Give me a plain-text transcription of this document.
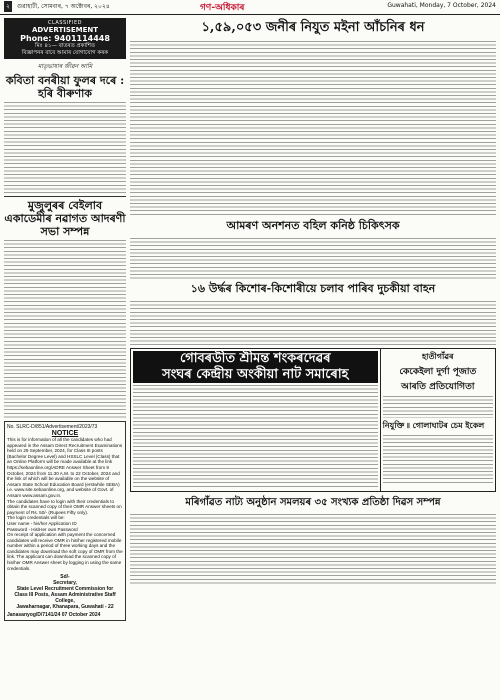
২ গুৱাহাটী, সোমবাৰ, ৭ অক্টোবৰ, ২০২৪	গণ-অধিকাৰ	Guwahati, Monday, 7 October, 2024
CLASSIFIED
ADVERTISEMENT
Phone: 9401114448
মিঃ ৪১— বাতৰত প্ৰকাশিত
বিজ্ঞাপনৰ বাবে আমাৰ যোগাযোগ কৰক
মাতৃভাষাৰ জীৱন আমি
কবিতা বনৰীয়া ফুলৰ দৰে : হৰি বীৰুণাক
মুজুলুৰৰ বেইলাব একাডেমীৰ নৱাগত আদৰণী সভা সম্পন্ন
No. SLRC-D/851/Advertisement/2023/73
NOTICE
This is for information of all the candidates who had appeared in the Assam Direct Recruitment Examinations held on 29 September, 2024, for Class III posts (Bachelor Degree Level) and HSSLC Level (Class) that an Online Platform will be made available at the link https://sebaonline.org/ADRE Answer Sheet from 9 October, 2024 from 11.30 A.M. to 22 October, 2024 and the link of which will be available on the website of Assam State School Education Board (erstwhile SEBA) i.e. www.site.sebaonline.org, and website of Govt. of Assam www.assam.gov.in.
The candidates have to login with their credentials to obtain the scanned copy of their OMR Answer sheets on payment of Rs. 50/- (Rupees Fifty only).
The login credentials will be:
User name - his/her Application ID
Password - His/Her own Password
On receipt of application with payment the concerned candidates will receive OMR in his/her registered mobile number within a period of three working days and the candidates may download the soft copy of OMR from the link. The applicant can download the scanned copy of his/her OMR Answer sheet by logging in using the same credentials.
Sd/-
Secretary,
State Level Recruitment Commission for
Class III Posts, Assam Administrative Staff College,
Jawaharnagar, Khanapara, Guwahati - 22
Janasanyog/D/7141/24 07 October 2024
১,৫৯,০৫৩ জনীৰ নিযুত মইনা আঁচনিৰ ধন
আমৰণ অনশনত বহিল কনিষ্ঠ চিকিৎসক
১৬ উৰ্দ্ধৰ কিশোৰ-কিশোৰীয়ে চলাব পাৰিব দুচকীয়া বাহন
গোবৰডীত শ্ৰীমন্ত শংকৰদেৱৰ
সংঘৰ কেন্দ্ৰীয় অংকীয়া নাট সমাৰোহ
হাতীগাঁৱৰ
কেকেইলা দুৰ্গা পূজাত
আৰতি প্ৰতিযোগিতা
নিযুক্তি ৷৷ গোলাঘাটৰ চেম ইকেল
মৰিগাঁৱত নাট্য অনুষ্ঠান সমলয়ৰ ৩৫ সংখ্যক প্ৰতিষ্ঠা দিৱস সম্পন্ন
